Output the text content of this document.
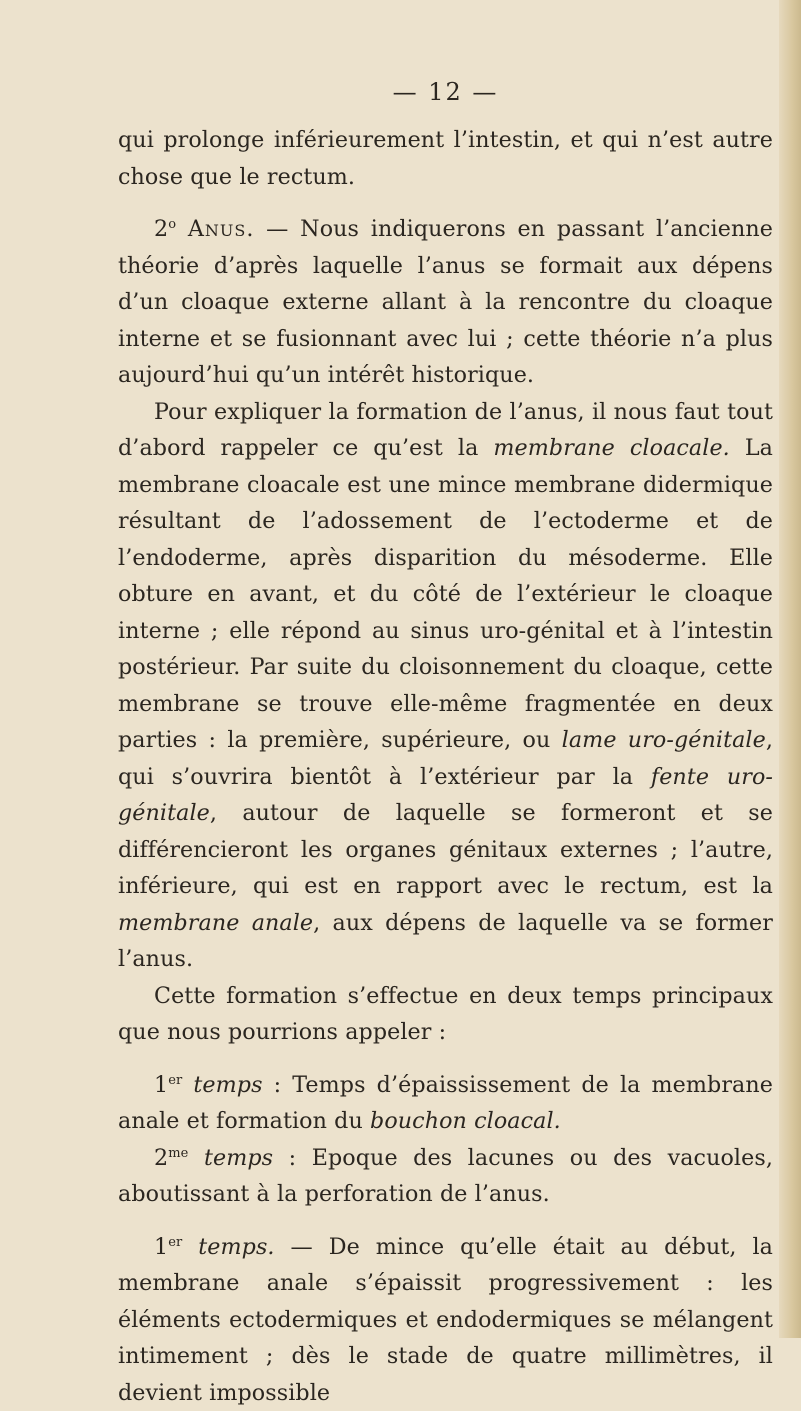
— 12 —

qui prolonge inférieurement l’intestin, et qui n’est autre chose que le rectum.

2$^o$ Anus. — Nous indiquerons en passant l’ancienne théorie d’après laquelle l’anus se formait aux dépens d’un cloaque externe allant à la rencontre du cloaque interne et se fusionnant avec lui ; cette théorie n’a plus aujourd’hui qu’un intérêt historique.

Pour expliquer la formation de l’anus, il nous faut tout d’abord rappeler ce qu’est la membrane cloacale. La membrane cloacale est une mince membrane didermique résultant de l’adossement de l’ectoderme et de l’endoderme, après disparition du mésoderme. Elle obture en avant, et du côté de l’extérieur le cloaque interne ; elle répond au sinus uro-génital et à l’intestin postérieur. Par suite du cloisonnement du cloaque, cette membrane se trouve elle-même fragmentée en deux parties : la première, supérieure, ou lame uro-génitale, qui s’ouvrira bientôt à l’extérieur par la fente uro-génitale, autour de laquelle se formeront et se différencieront les organes génitaux externes ; l’autre, inférieure, qui est en rapport avec le rectum, est la membrane anale, aux dépens de laquelle va se former l’anus.

Cette formation s’effectue en deux temps principaux que nous pourrions appeler :

1er temps : Temps d’épaississement de la membrane anale et formation du bouchon cloacal.

$2^{me}$ temps : Epoque des lacunes ou des vacuoles, aboutissant à la perforation de l’anus.

1er temps. — De mince qu’elle était au début, la membrane anale s’épaissit progressivement : les éléments ectodermiques et endodermiques se mélangent intimement ; dès le stade de quatre millimètres, il devient impossible
